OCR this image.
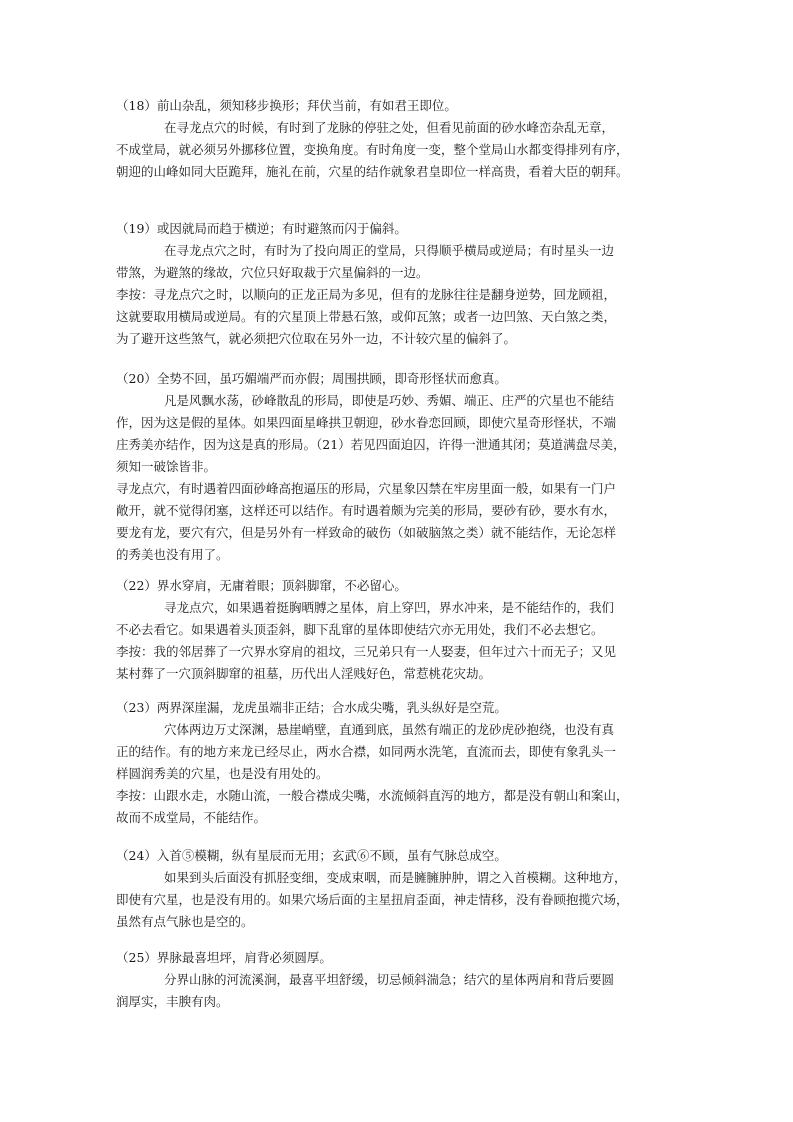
（18）前山杂乱，须知移步换形；拜伏当前，有如君王即位。
在寻龙点穴的时候，有时到了龙脉的停驻之处，但看见前面的砂水峰峦杂乱无章，
不成堂局，就必须另外挪移位置，变换角度。有时角度一变，整个堂局山水都变得排列有序，
朝迎的山峰如同大臣跪拜，施礼在前，穴星的结作就象君皇即位一样高贵，看着大臣的朝拜。
（19）或因就局而趋于横逆；有时避煞而闪于偏斜。
在寻龙点穴之时，有时为了投向周正的堂局，只得顺乎横局或逆局；有时星头一边
带煞，为避煞的缘故，穴位只好取裁于穴星偏斜的一边。
李按：寻龙点穴之时，以顺向的正龙正局为多见，但有的龙脉往往是翻身逆势，回龙顾祖，
这就要取用横局或逆局。有的穴星顶上带悬石煞，或仰瓦煞；或者一边凹煞、天白煞之类，
为了避开这些煞气，就必须把穴位取在另外一边，不计较穴星的偏斜了。
（20）全势不回，虽巧媚端严而亦假；周围拱顾，即奇形怪状而愈真。
凡是风飘水荡，砂峰散乱的形局，即使是巧妙、秀媚、端正、庄严的穴星也不能结
作，因为这是假的星体。如果四面星峰拱卫朝迎，砂水眷恋回顾，即使穴星奇形怪状，不端
庄秀美亦结作，因为这是真的形局。（21）若见四面迫囚，许得一泄通其闭；莫道满盘尽美，
须知一破馀皆非。
寻龙点穴，有时遇着四面砂峰高抱逼压的形局，穴星象囚禁在牢房里面一般，如果有一门户
敞开，就不觉得闭塞，这样还可以结作。有时遇着颇为完美的形局，要砂有砂，要水有水，
要龙有龙，要穴有穴，但是另外有一样致命的破伤（如破脑煞之类）就不能结作，无论怎样
的秀美也没有用了。
（22）界水穿肩，无庸着眼；顶斜脚窜，不必留心。
寻龙点穴，如果遇着挺胸晒膊之星体，肩上穿凹，界水冲来，是不能结作的，我们
不必去看它。如果遇着头顶歪斜，脚下乱窜的星体即使结穴亦无用处，我们不必去想它。
李按：我的邻居葬了一穴界水穿肩的祖坟，三兄弟只有一人娶妻，但年过六十而无子；又见
某村葬了一穴顶斜脚窜的祖墓，历代出人淫贱好色，常惹桃花灾劫。
（23）两界深崖漏，龙虎虽端非正结；合水成尖嘴，乳头纵好是空荒。
穴体两边万丈深渊，悬崖峭壁，直通到底，虽然有端正的龙砂虎砂抱绕，也没有真
正的结作。有的地方来龙已经尽止，两水合襟，如同两水洗笔，直流而去，即使有象乳头一
样圆润秀美的穴星，也是没有用处的。
李按：山跟水走，水随山流，一般合襟成尖嘴，水流倾斜直泻的地方，都是没有朝山和案山，
故而不成堂局，不能结作。
（24）入首⑤模糊，纵有星辰而无用；玄武⑥不顾，虽有气脉总成空。
如果到头后面没有抓胫变细，变成束咽，而是臃臃肿肿，谓之入首模糊。这种地方，
即使有穴星，也是没有用的。如果穴场后面的主星扭肩歪面，神走情移，没有眷顾抱揽穴场，
虽然有点气脉也是空的。
（25）界脉最喜坦坪，肩背必须圆厚。
分界山脉的河流溪涧，最喜平坦舒缓，切忌倾斜湍急；结穴的星体两肩和背后要圆
润厚实，丰腴有肉。
